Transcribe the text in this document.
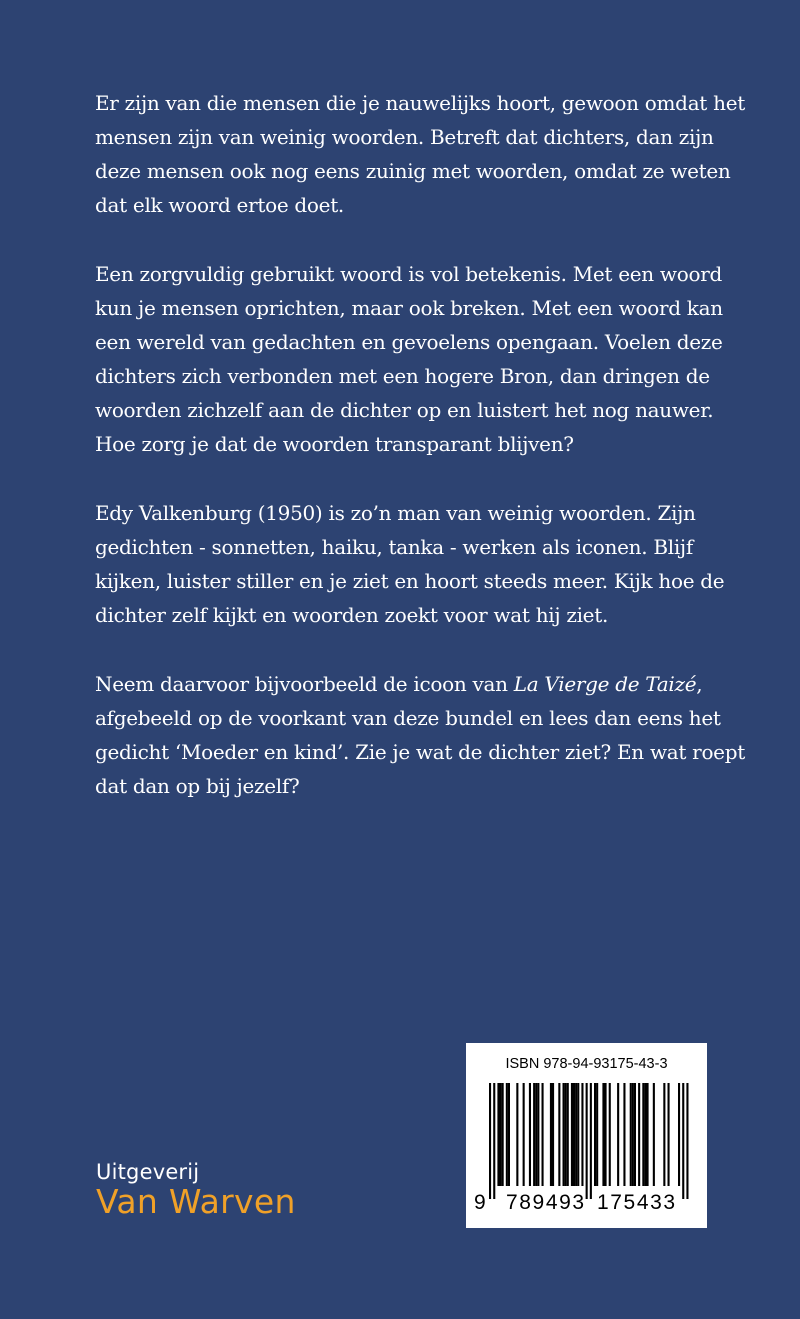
Er zijn van die mensen die je nauwelijks hoort, gewoon omdat het mensen zijn van weinig woorden. Betreft dat dichters, dan zijn deze mensen ook nog eens zuinig met woorden, omdat ze weten dat elk woord ertoe doet.

Een zorgvuldig gebruikt woord is vol betekenis. Met een woord kun je mensen oprichten, maar ook breken. Met een woord kan een wereld van gedachten en gevoelens opengaan. Voelen deze dichters zich verbonden met een hogere Bron, dan dringen de woorden zichzelf aan de dichter op en luistert het nog nauwer. Hoe zorg je dat de woorden transparant blijven?

Edy Valkenburg (1950) is zo’n man van weinig woorden. Zijn gedichten - sonnetten, haiku, tanka - werken als iconen. Blijf kijken, luister stiller en je ziet en hoort steeds meer. Kijk hoe de dichter zelf kijkt en woorden zoekt voor wat hij ziet.

Neem daarvoor bijvoorbeeld de icoon van La Vierge de Taizé, afgebeeld op de voorkant van deze bundel en lees dan eens het gedicht ‘Moeder en kind’. Zie je wat de dichter ziet? En wat roept dat dan op bij jezelf?

Uitgeverij
Van Warven
ISBN 978-94-93175-43-3
9 789493 175433
